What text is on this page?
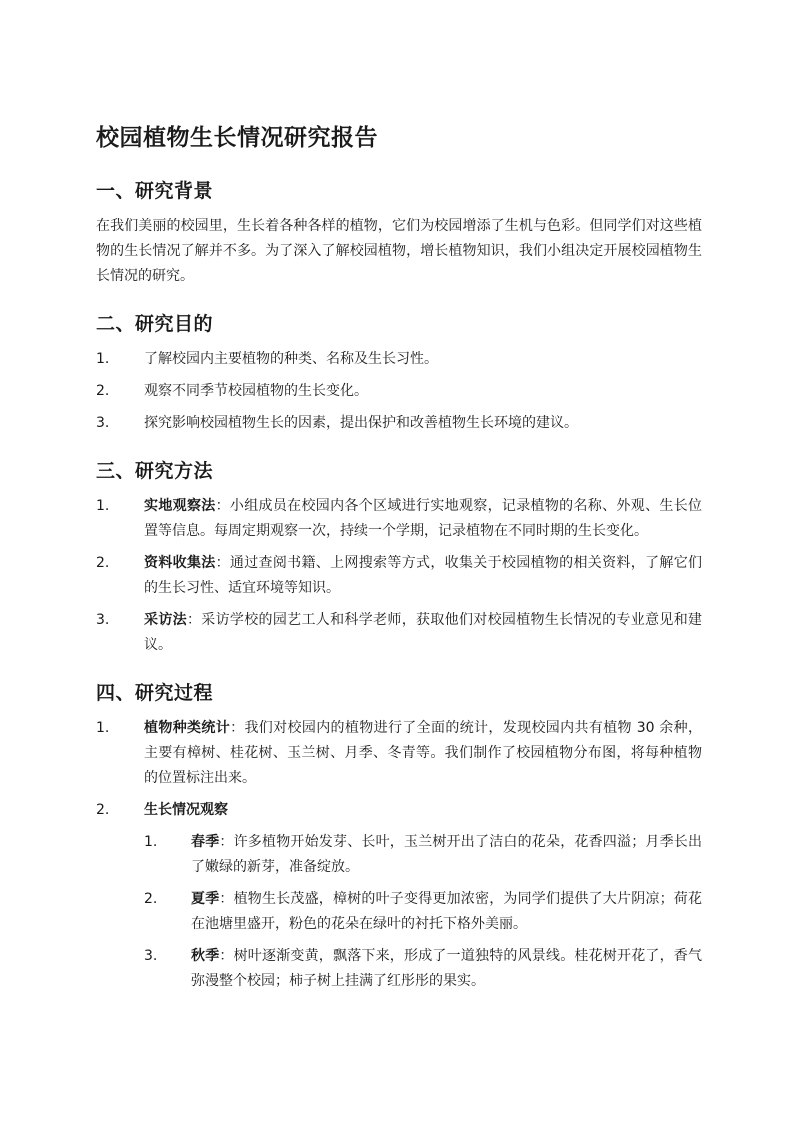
校园植物生长情况研究报告
一、研究背景

在我们美丽的校园里，生长着各种各样的植物，它们为校园增添了生机与色彩。但同学们对这些植物的生长情况了解并不多。为了深入了解校园植物，增长植物知识，我们小组决定开展校园植物生长情况的研究。

二、研究目的
1.	了解校园内主要植物的种类、名称及生长习性。
2.	观察不同季节校园植物的生长变化。
3.	探究影响校园植物生长的因素，提出保护和改善植物生长环境的建议。
三、研究方法
1.	实地观察法：小组成员在校园内各个区域进行实地观察，记录植物的名称、外观、生长位置等信息。每周定期观察一次，持续一个学期，记录植物在不同时期的生长变化。
2.	资料收集法：通过查阅书籍、上网搜索等方式，收集关于校园植物的相关资料，了解它们的生长习性、适宜环境等知识。
3.	采访法：采访学校的园艺工人和科学老师，获取他们对校园植物生长情况的专业意见和建议。
四、研究过程
1.	植物种类统计：我们对校园内的植物进行了全面的统计，发现校园内共有植物 30 余种，主要有樟树、桂花树、玉兰树、月季、冬青等。我们制作了校园植物分布图，将每种植物的位置标注出来。
2.	生长情况观察
1.	春季：许多植物开始发芽、长叶，玉兰树开出了洁白的花朵，花香四溢；月季长出了嫩绿的新芽，准备绽放。
2.	夏季：植物生长茂盛，樟树的叶子变得更加浓密，为同学们提供了大片阴凉；荷花在池塘里盛开，粉色的花朵在绿叶的衬托下格外美丽。
3.	秋季：树叶逐渐变黄，飘落下来，形成了一道独特的风景线。桂花树开花了，香气弥漫整个校园；柿子树上挂满了红彤彤的果实。
